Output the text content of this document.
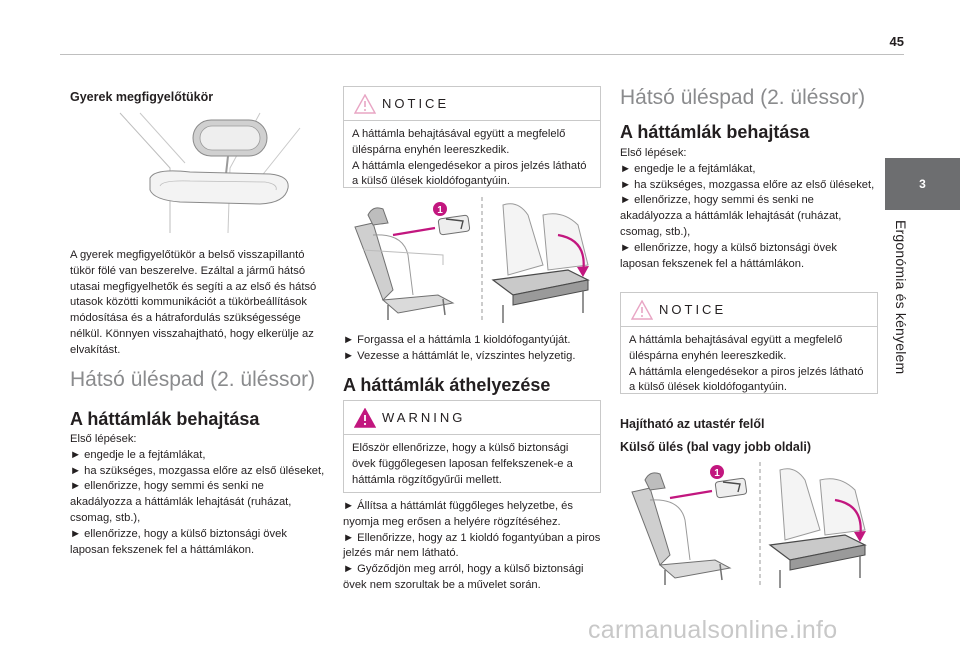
45
3
Ergonómia és kényelem
Gyerek megfigyelőtükör
A gyerek megfigyelőtükör a belső visszapillantó tükör fölé van beszerelve. Ezáltal a jármű hátsó utasai megfigyelhetők és segíti a az első és hátsó utasok közötti kommunikációt a tükörbeállítások módosítása és a hátrafordulás szükségessége nélkül. Könnyen visszahajtható, hogy elkerülje az elvakítást.
Hátsó üléspad (2. üléssor)
A háttámlák behajtása
Első lépések:
► engedje le a fejtámlákat,
► ha szükséges, mozgassa előre az első üléseket,
► ellenőrizze, hogy semmi és senki ne akadályozza a háttámlák lehajtását (ruházat, csomag, stb.),
► ellenőrizze, hogy a külső biztonsági övek laposan fekszenek fel a háttámlákon.
NOTICE
A háttámla behajtásával együtt a megfelelő üléspárna enyhén leereszkedik.
A háttámla elengedésekor a piros jelzés látható a külső ülések kioldófogantyúin.
1
► Forgassa el a háttámla 1 kioldófogantyúját.
► Vezesse a háttámlát le, vízszintes helyzetig.
A háttámlák áthelyezése
WARNING
Először ellenőrizze, hogy a külső biztonsági övek függőlegesen laposan felfekszenek-e a háttámla rögzítőgyűrűi mellett.
► Állítsa a háttámlát függőleges helyzetbe, és nyomja meg erősen a helyére rögzítéséhez.
► Ellenőrizze, hogy az 1 kioldó fogantyúban a piros jelzés már nem látható.
► Győződjön meg arról, hogy a külső biztonsági övek nem szorultak be a művelet során.
Hátsó üléspad (2. üléssor)
A háttámlák behajtása
Első lépések:
► engedje le a fejtámlákat,
► ha szükséges, mozgassa előre az első üléseket,
► ellenőrizze, hogy semmi és senki ne akadályozza a háttámlák lehajtását (ruházat, csomag, stb.),
► ellenőrizze, hogy a külső biztonsági övek laposan fekszenek fel a háttámlákon.
NOTICE
A háttámla behajtásával együtt a megfelelő üléspárna enyhén leereszkedik.
A háttámla elengedésekor a piros jelzés látható a külső ülések kioldófogantyúin.
Hajítható az utastér felől
Külső ülés (bal vagy jobb oldali)
1
carmanualsonline.info
